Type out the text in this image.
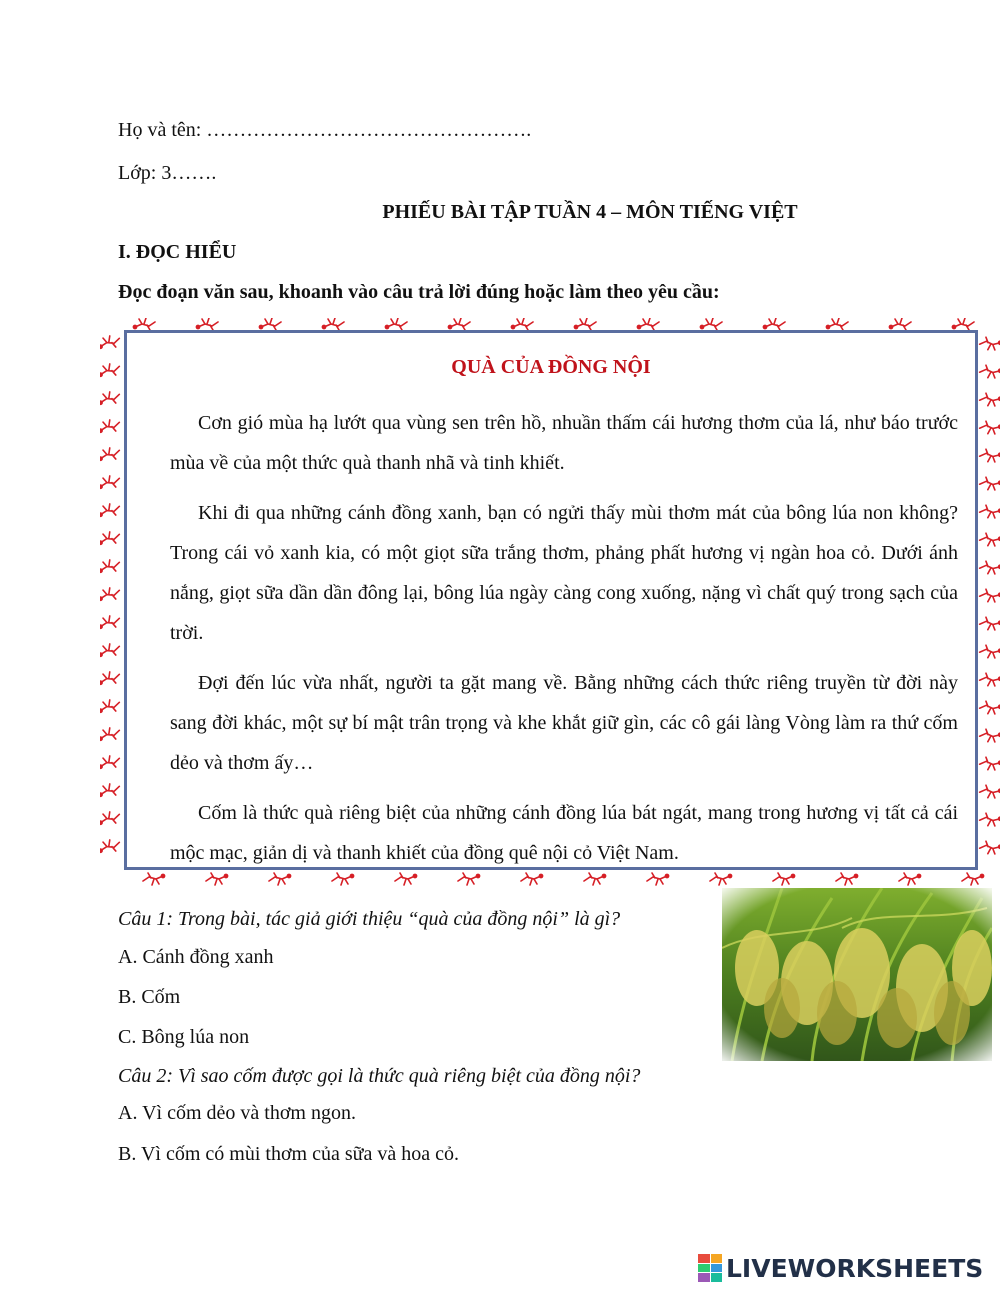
Họ và tên: ………………………………………….
Lớp: 3…….
PHIẾU BÀI TẬP TUẦN 4 – MÔN TIẾNG VIỆT
I. ĐỌC HIỂU
Đọc đoạn văn sau, khoanh vào câu trả lời đúng hoặc làm theo yêu cầu:
QUÀ CỦA ĐỒNG NỘI

Cơn gió mùa hạ lướt qua vùng sen trên hồ, nhuần thấm cái hương thơm của lá, như báo trước mùa về của một thức quà thanh nhã và tinh khiết.

Khi đi qua những cánh đồng xanh, bạn có ngửi thấy mùi thơm mát của bông lúa non không? Trong cái vỏ xanh kia, có một giọt sữa trắng thơm, phảng phất hương vị ngàn hoa cỏ. Dưới ánh nắng, giọt sữa dần dần đông lại, bông lúa ngày càng cong xuống, nặng vì chất quý trong sạch của trời.

Đợi đến lúc vừa nhất, người ta gặt mang về. Bằng những cách thức riêng truyền từ đời này sang đời khác, một sự bí mật trân trọng và khe khắt giữ gìn, các cô gái làng Vòng làm ra thứ cốm dẻo và thơm ấy…

Cốm là thức quà riêng biệt của những cánh đồng lúa bát ngát, mang trong hương vị tất cả cái mộc mạc, giản dị và thanh khiết của đồng quê nội cỏ Việt Nam.

Câu 1: Trong bài, tác giả giới thiệu “quà của đồng nội” là gì?
A. Cánh đồng xanh
B. Cốm
C. Bông lúa non
Câu 2: Vì sao cốm được gọi là thức quà riêng biệt của đồng nội?
A. Vì cốm dẻo và thơm ngon.
B. Vì cốm có mùi thơm của sữa và hoa cỏ.
LIVEWORKSHEETS
